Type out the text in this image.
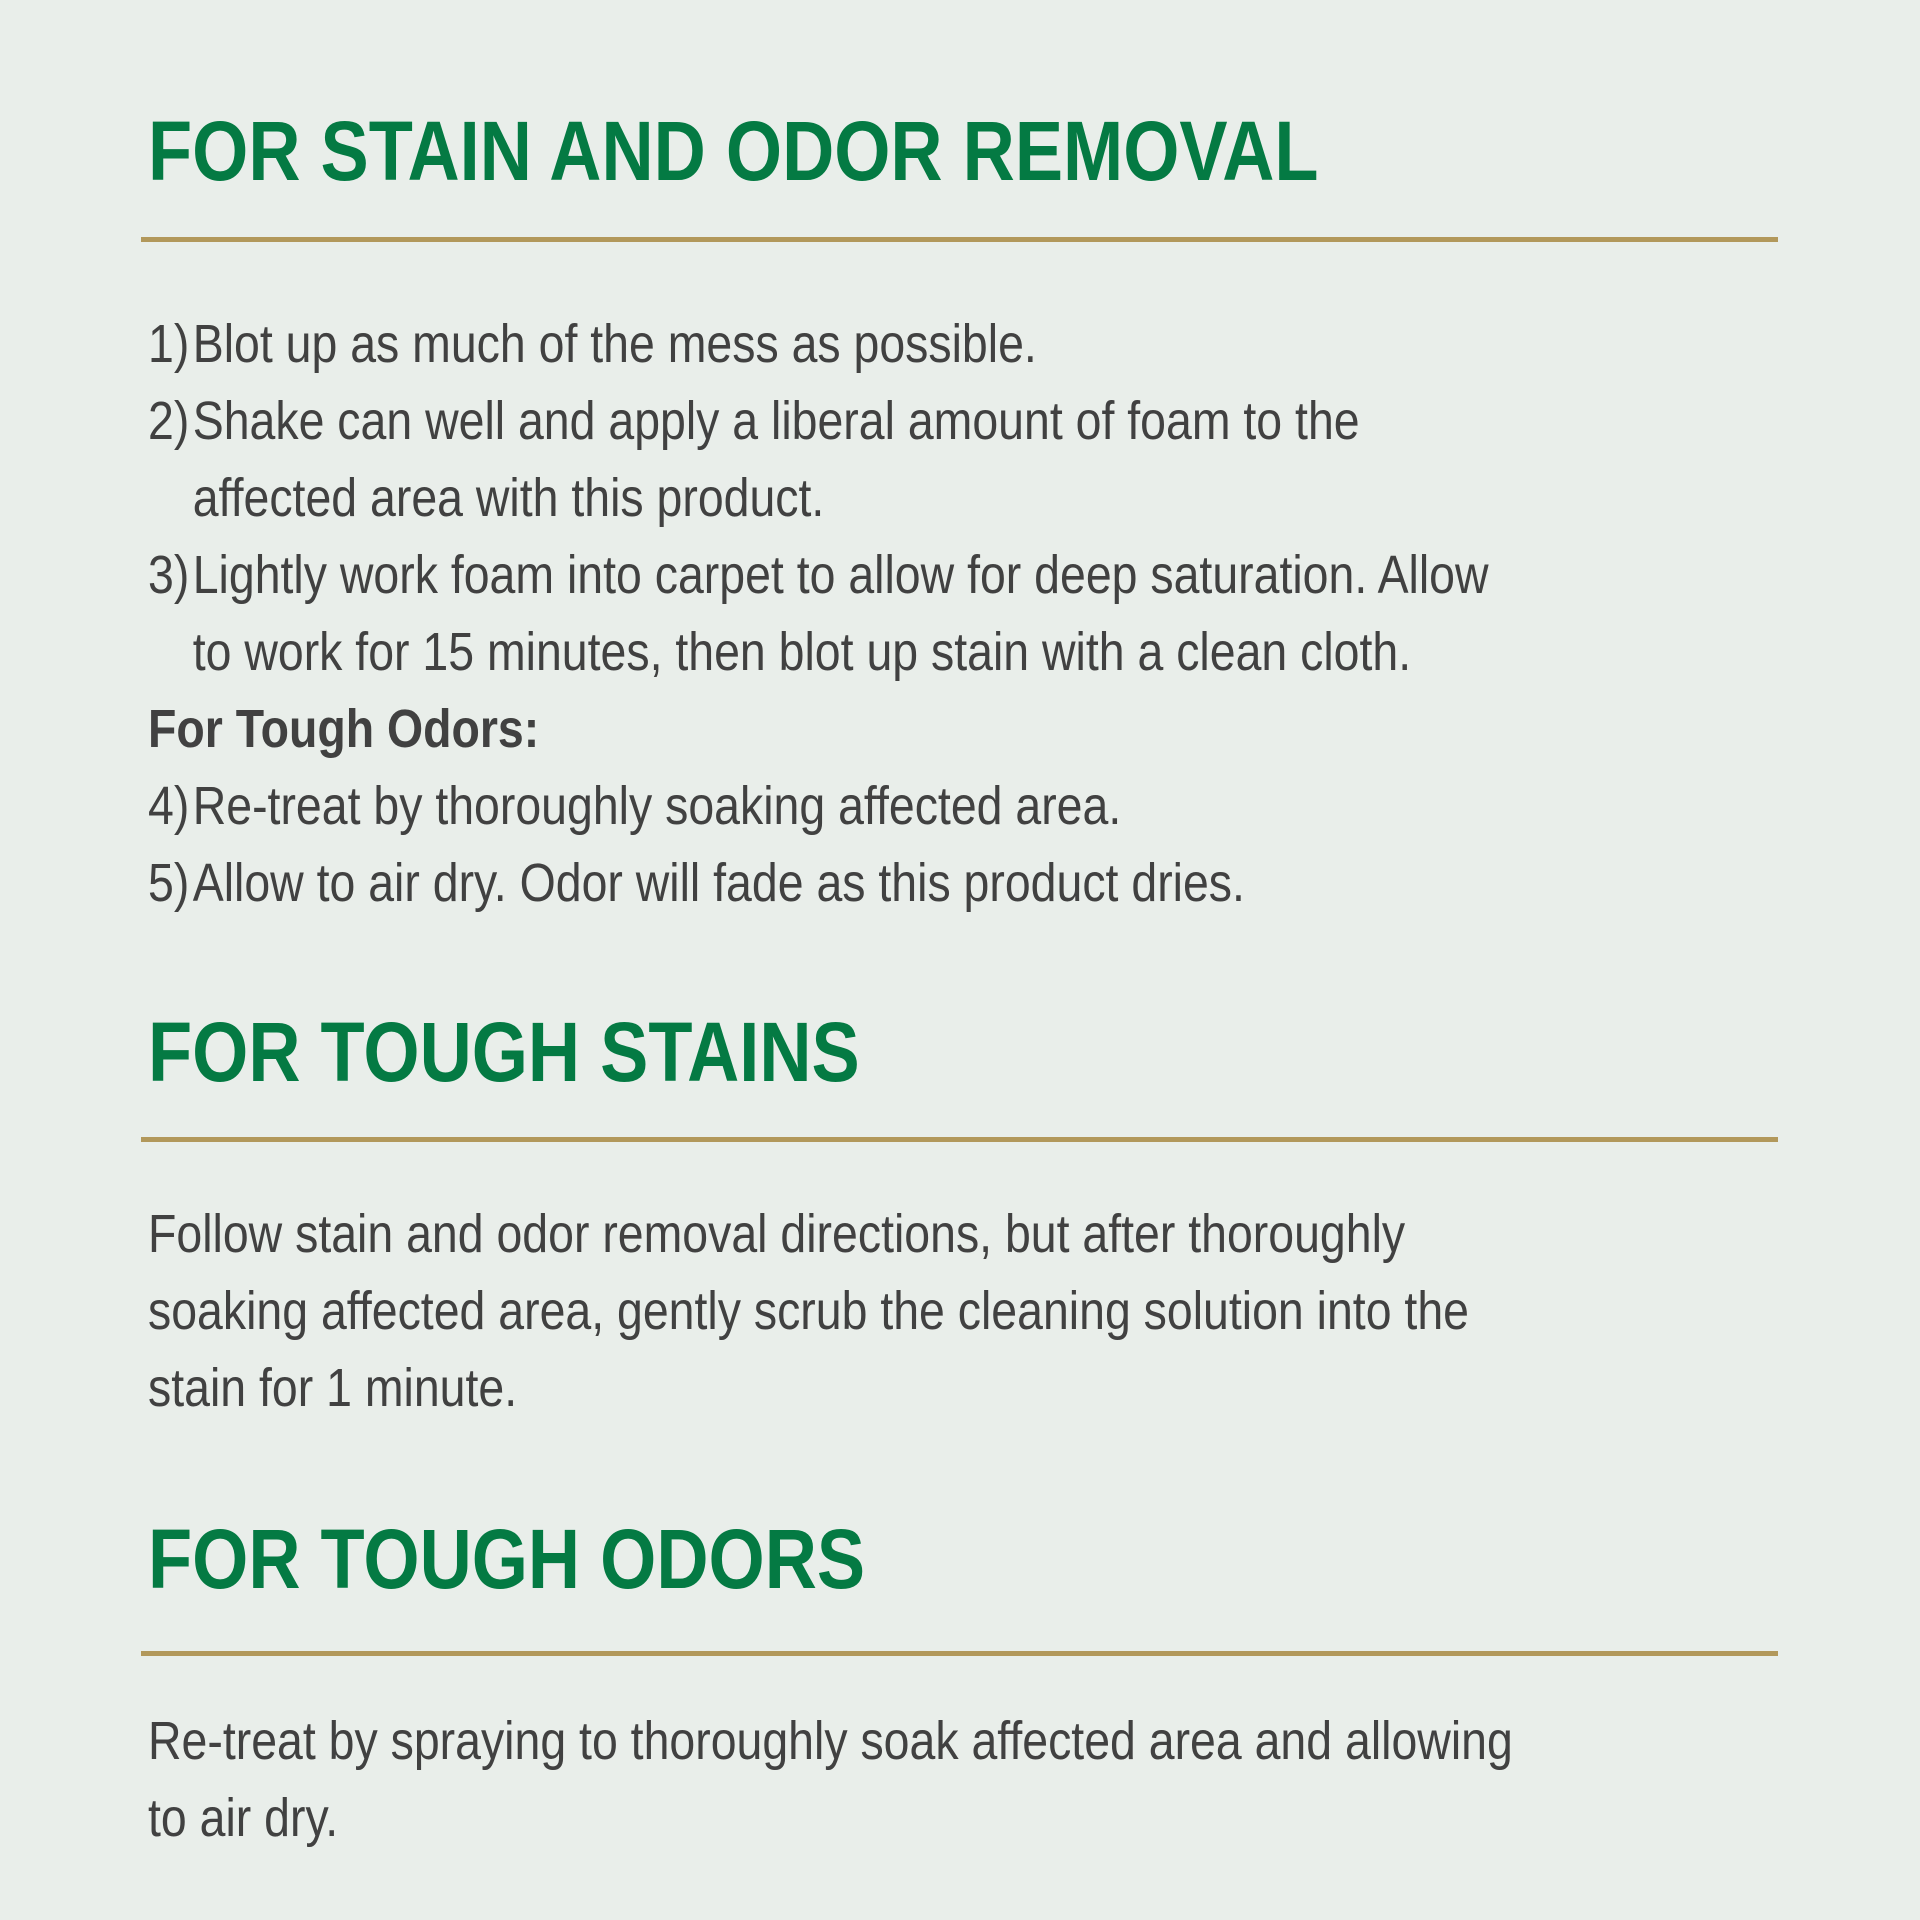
FOR STAIN AND ODOR REMOVAL
1) Blot up as much of the mess as possible.
2) Shake can well and apply a liberal amount of foam to the
affected area with this product.
3) Lightly work foam into carpet to allow for deep saturation. Allow
to work for 15 minutes, then blot up stain with a clean cloth.
For Tough Odors:
4) Re-treat by thoroughly soaking affected area.
5) Allow to air dry. Odor will fade as this product dries.
FOR TOUGH STAINS
Follow stain and odor removal directions, but after thoroughly
soaking affected area, gently scrub the cleaning solution into the
stain for 1 minute.
FOR TOUGH ODORS
Re-treat by spraying to thoroughly soak affected area and allowing
to air dry.
